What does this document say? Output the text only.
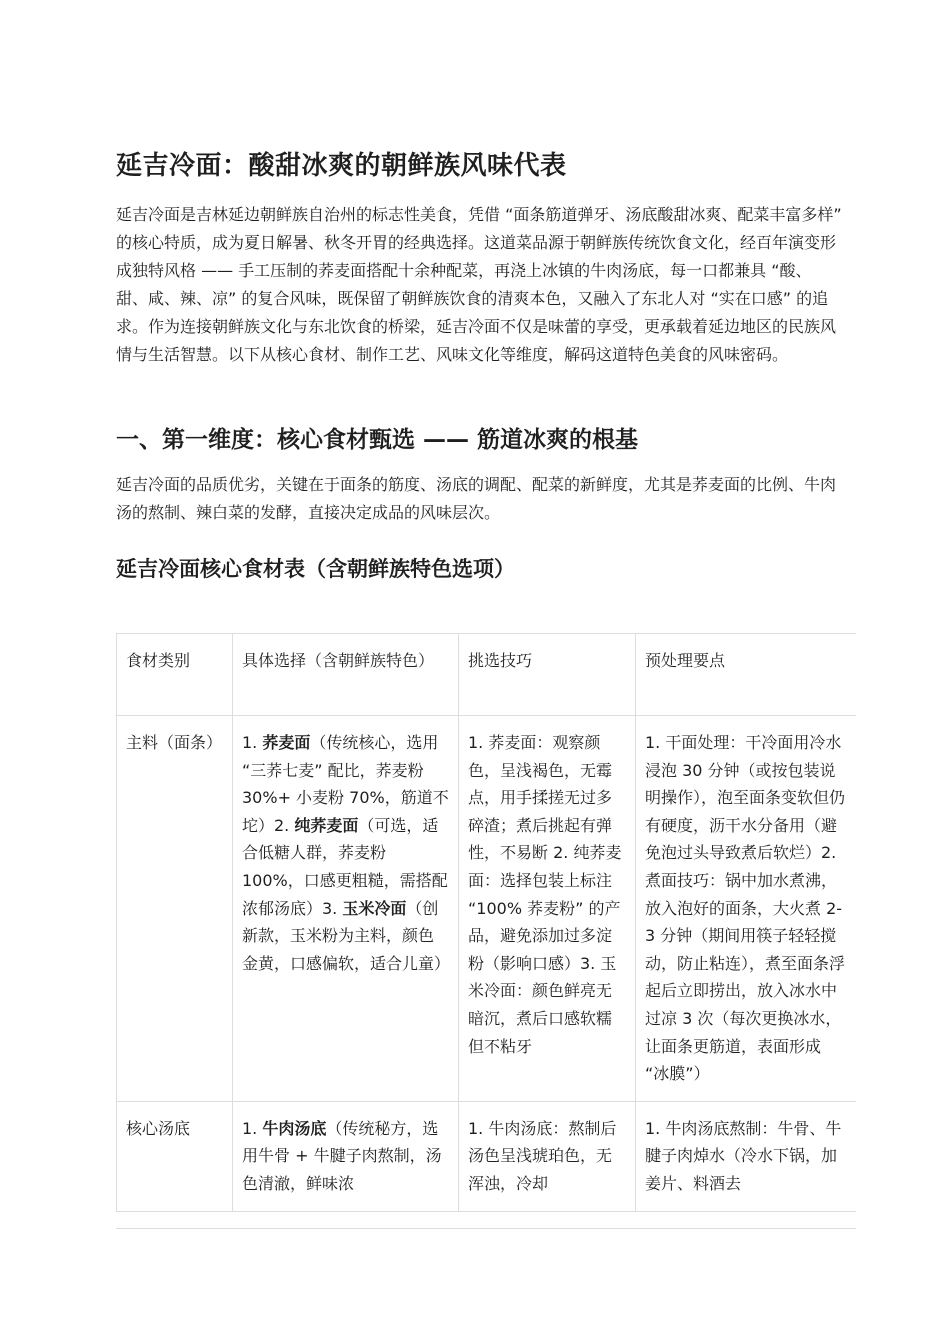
延吉冷面：酸甜冰爽的朝鲜族风味代表

延吉冷面是吉林延边朝鲜族自治州的标志性美食，凭借 “面条筋道弹牙、汤底酸甜冰爽、配菜丰富多样” 的核心特质，成为夏日解暑、秋冬开胃的经典选择。这道菜品源于朝鲜族传统饮食文化，经百年演变形成独特风格 —— 手工压制的荞麦面搭配十余种配菜，再浇上冰镇的牛肉汤底，每一口都兼具 “酸、甜、咸、辣、凉” 的复合风味，既保留了朝鲜族饮食的清爽本色，又融入了东北人对 “实在口感” 的追求。作为连接朝鲜族文化与东北饮食的桥梁，延吉冷面不仅是味蕾的享受，更承载着延边地区的民族风情与生活智慧。以下从核心食材、制作工艺、风味文化等维度，解码这道特色美食的风味密码。

一、第一维度：核心食材甄选 —— 筋道冰爽的根基

延吉冷面的品质优劣，关键在于面条的筋度、汤底的调配、配菜的新鲜度，尤其是荞麦面的比例、牛肉汤的熬制、辣白菜的发酵，直接决定成品的风味层次。

延吉冷面核心食材表（含朝鲜族特色选项）
食材类别	具体选择（含朝鲜族特色）	挑选技巧	预处理要点
主料（面条）	1. 荞麦面（传统核心，选用 “三荞七麦” 配比，荞麦粉 30%+ 小麦粉 70%，筋道不坨）2. 纯荞麦面（可选，适合低糖人群，荞麦粉 100%，口感更粗糙，需搭配浓郁汤底）3. 玉米冷面（创新款，玉米粉为主料，颜色金黄，口感偏软，适合儿童）	1. 荞麦面：观察颜色，呈浅褐色，无霉点，用手揉搓无过多碎渣；煮后挑起有弹性，不易断 2. 纯荞麦面：选择包装上标注 “100% 荞麦粉” 的产品，避免添加过多淀粉（影响口感）3. 玉米冷面：颜色鲜亮无暗沉，煮后口感软糯但不粘牙	1. 干面处理：干冷面用冷水浸泡 30 分钟（或按包装说明操作），泡至面条变软但仍有硬度，沥干水分备用（避免泡过头导致煮后软烂）2. 煮面技巧：锅中加水煮沸，放入泡好的面条，大火煮 2-3 分钟（期间用筷子轻轻搅动，防止粘连），煮至面条浮起后立即捞出，放入冰水中过凉 3 次（每次更换冰水，让面条更筋道，表面形成 “冰膜”）
核心汤底	1. 牛肉汤底（传统秘方，选用牛骨 + 牛腱子肉熬制，汤色清澈，鲜味浓	1. 牛肉汤底：熬制后汤色呈浅琥珀色，无浑浊，冷却	1. 牛肉汤底熬制：牛骨、牛腱子肉焯水（冷水下锅，加姜片、料酒去
